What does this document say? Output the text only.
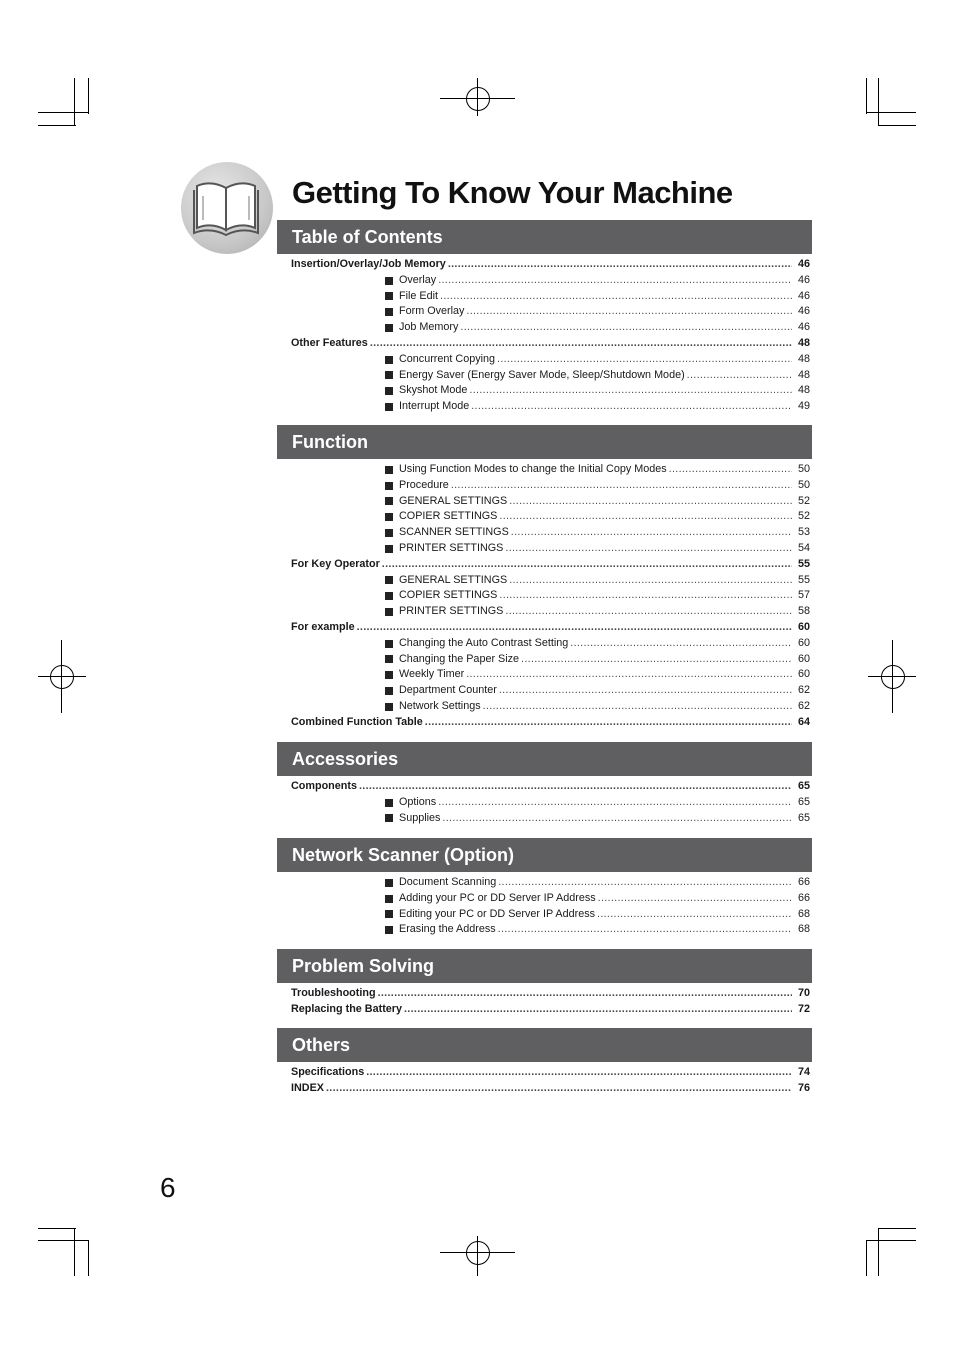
Getting To Know Your Machine
Table of Contents
Insertion/Overlay/Job Memory .....	46
Overlay .....	46
File Edit .....	46
Form Overlay .....	46
Job Memory .....	46
Other Features .....	48
Concurrent Copying .....	48
Energy Saver (Energy Saver Mode, Sleep/Shutdown Mode) .....	48
Skyshot Mode .....	48
Interrupt Mode .....	49
Function
Using Function Modes to change the Initial Copy Modes .....	50
Procedure .....	50
GENERAL SETTINGS .....	52
COPIER SETTINGS .....	52
SCANNER SETTINGS .....	53
PRINTER SETTINGS .....	54
For Key Operator .....	55
GENERAL SETTINGS .....	55
COPIER SETTINGS .....	57
PRINTER SETTINGS .....	58
For example .....	60
Changing the Auto Contrast Setting .....	60
Changing the Paper Size .....	60
Weekly Timer .....	60
Department Counter .....	62
Network Settings .....	62
Combined Function Table .....	64
Accessories
Components .....	65
Options .....	65
Supplies .....	65
Network Scanner (Option)
Document Scanning .....	66
Adding your PC or DD Server IP Address .....	66
Editing your PC or DD Server IP Address .....	68
Erasing the Address .....	68
Problem Solving
Troubleshooting .....	70
Replacing the Battery .....	72
Others
Specifications .....	74
INDEX .....	76
6
